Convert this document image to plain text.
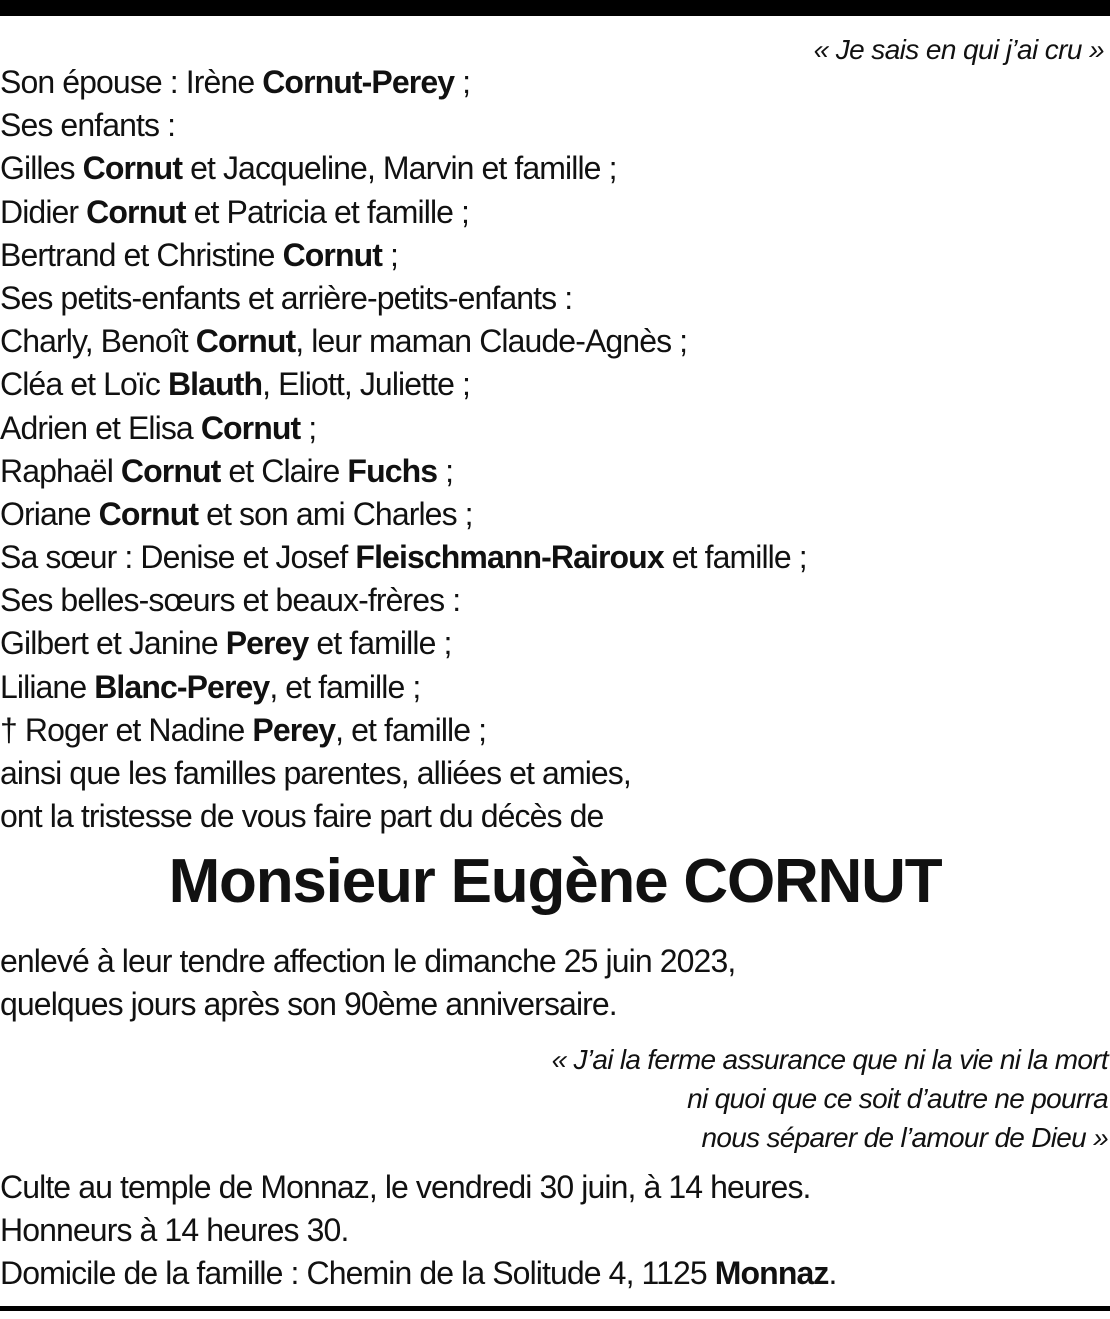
« Je sais en qui j’ai cru »
Son épouse : Irène Cornut-Perey ;
Ses enfants :
Gilles Cornut et Jacqueline, Marvin et famille ;
Didier Cornut et Patricia et famille ;
Bertrand et Christine Cornut ;
Ses petits-enfants et arrière-petits-enfants :
Charly, Benoît Cornut, leur maman Claude-Agnès ;
Cléa et Loïc Blauth, Eliott, Juliette ;
Adrien et Elisa Cornut ;
Raphaël Cornut et Claire Fuchs ;
Oriane Cornut et son ami Charles ;
Sa sœur : Denise et Josef Fleischmann-Rairoux et famille ;
Ses belles-sœurs et beaux-frères :
Gilbert et Janine Perey et famille ;
Liliane Blanc-Perey, et famille ;
† Roger et Nadine Perey, et famille ;
ainsi que les familles parentes, alliées et amies,
ont la tristesse de vous faire part du décès de
Monsieur Eugène CORNUT
enlevé à leur tendre affection le dimanche 25 juin 2023,
quelques jours après son 90ème anniversaire.
« J’ai la ferme assurance que ni la vie ni la mort
ni quoi que ce soit d’autre ne pourra
nous séparer de l’amour de Dieu »
Culte au temple de Monnaz, le vendredi 30 juin, à 14 heures.
Honneurs à 14 heures 30.
Domicile de la famille : Chemin de la Solitude 4, 1125 Monnaz.
